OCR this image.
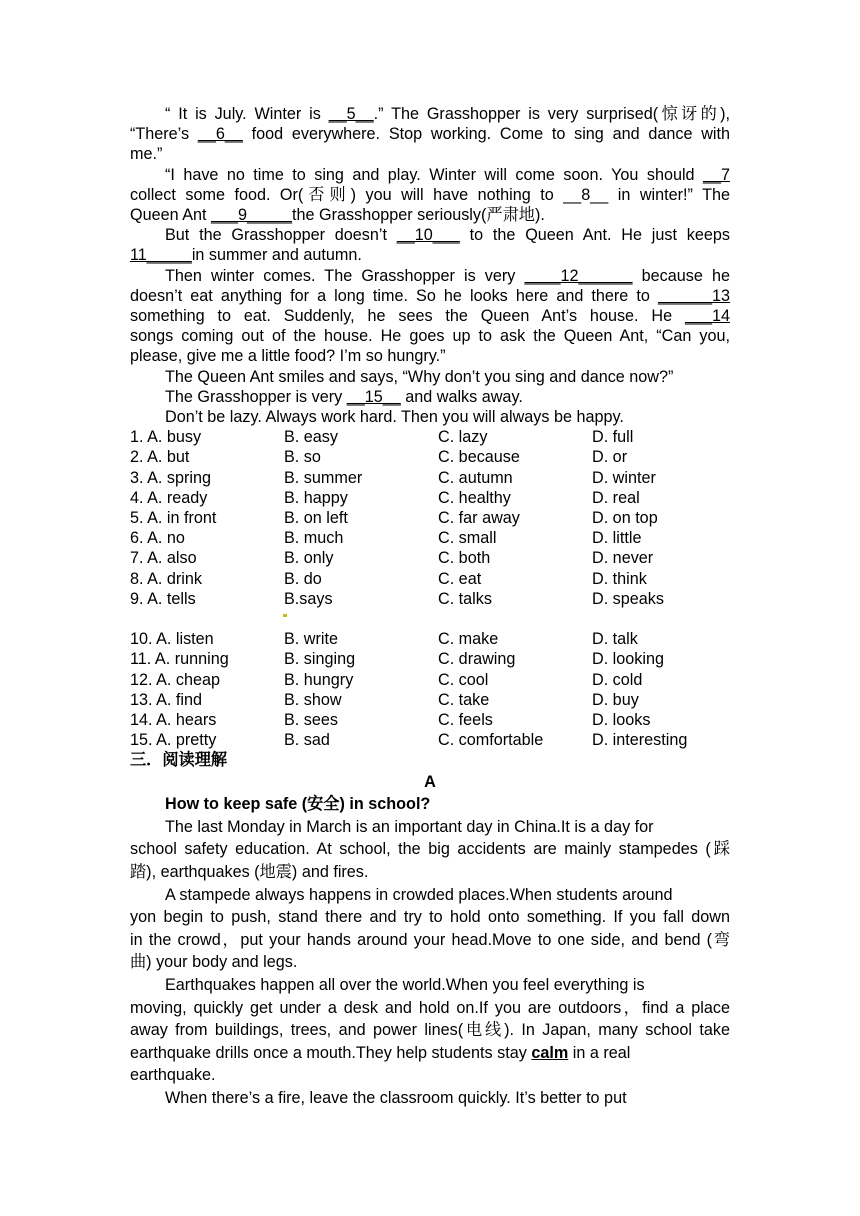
“ It is July. Winter is __5__.” The Grasshopper is very surprised(惊讶的),
“There’s __6__ food everywhere. Stop working. Come to sing and dance with
me.”
“I have no time to sing and play. Winter will come soon. You should __7
collect some food. Or(否则) you will have nothing to __8__ in winter!” The
Queen Ant ___9_____the Grasshopper seriously(严肃地).
But the Grasshopper doesn’t __10___ to the Queen Ant. He just keeps
11_____in summer and autumn.
Then winter comes. The Grasshopper is very ____12______ because he
doesn’t eat anything for a long time. So he looks here and there to ______13
something to eat. Suddenly, he sees the Queen Ant’s house. He ___14
songs coming out of the house. He goes up to ask the Queen Ant, “Can you,
please, give me a little food? I’m so hungry.”
The Queen Ant smiles and says, “Why don’t you sing and dance now?”
The Grasshopper is very __15__ and walks away.
Don’t be lazy. Always work hard. Then you will always be happy.
1. A. busy	B. easy	C. lazy	D. full
2. A. but	B. so	C. because	D. or
3. A. spring	B. summer	C. autumn	D. winter
4. A. ready	B. happy	C. healthy	D. real
5. A. in front	B. on left	C. far away	D. on top
6. A. no	B. much	C. small	D. little
7. A. also	B. only	C. both	D. never
8. A. drink	B. do	C. eat	D. think
9. A. tells	B.says	C. talks	D. speaks
10. A. listen	B. write	C. make	D. talk
11. A. running	B. singing	C. drawing	D. looking
12. A. cheap	B. hungry	C. cool	D. cold
13. A. find	B. show	C. take	D. buy
14. A. hears	B. sees	C. feels	D. looks
15. A. pretty	B. sad	C. comfortable	D. interesting
三．阅读理解
A
How to keep safe (安全) in school?
The last Monday in March is an important day in China.It is a day for
school safety education. At school, the big accidents are mainly stampedes (踩
踏), earthquakes (地震) and fires.
A stampede always happens in crowded places.When students around
yon begin to push, stand there and try to hold onto something. If you fall down
in the crowd，put your hands around your head.Move to one side, and bend (弯
曲) your body and legs.
Earthquakes happen all over the world.When you feel everything is
moving, quickly get under a desk and hold on.If you are outdoors，find a place
away from buildings, trees, and power lines(电线). In Japan, many school take
earthquake drills once a mouth.They help students stay calm in a real
earthquake.
When there’s a fire, leave the classroom quickly. It’s better to put
